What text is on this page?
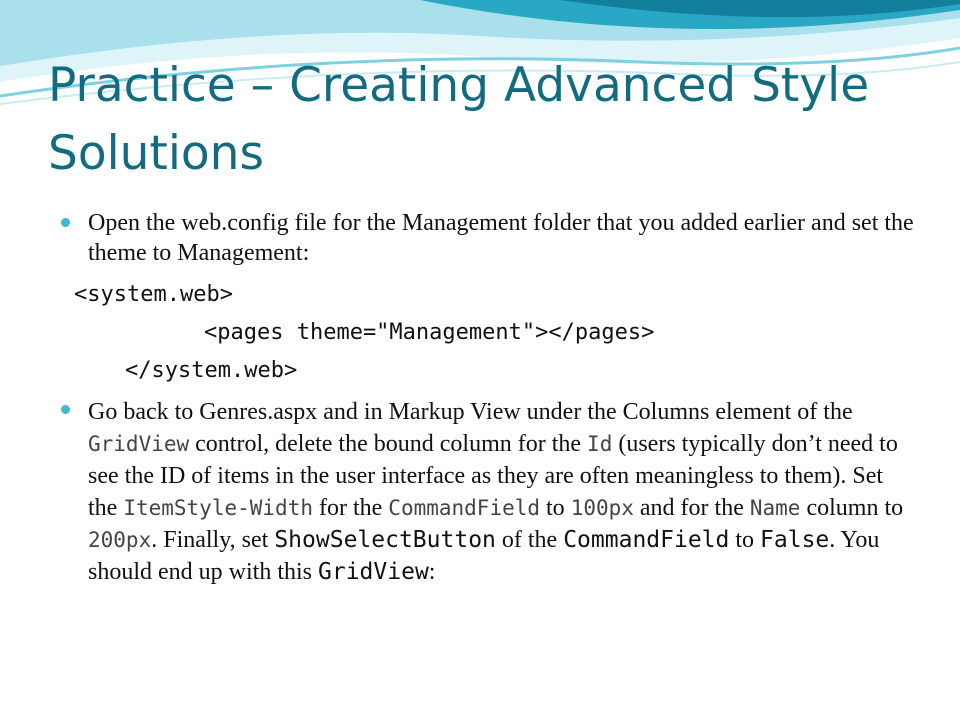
Practice – Creating Advanced Style Solutions
Open the web.config file for the Management folder that you added earlier and set the theme to Management:
<system.web>
<pages theme="Management"></pages>
</system.web>
Go back to Genres.aspx and in Markup View under the Columns element of the GridView control, delete the bound column for the Id (users typically don’t need to see the ID of items in the user interface as they are often meaningless to them). Set the ItemStyle-Width for the CommandField to 100px and for the Name column to 200px. Finally, set ShowSelectButton of the CommandField to False. You should end up with this GridView:
